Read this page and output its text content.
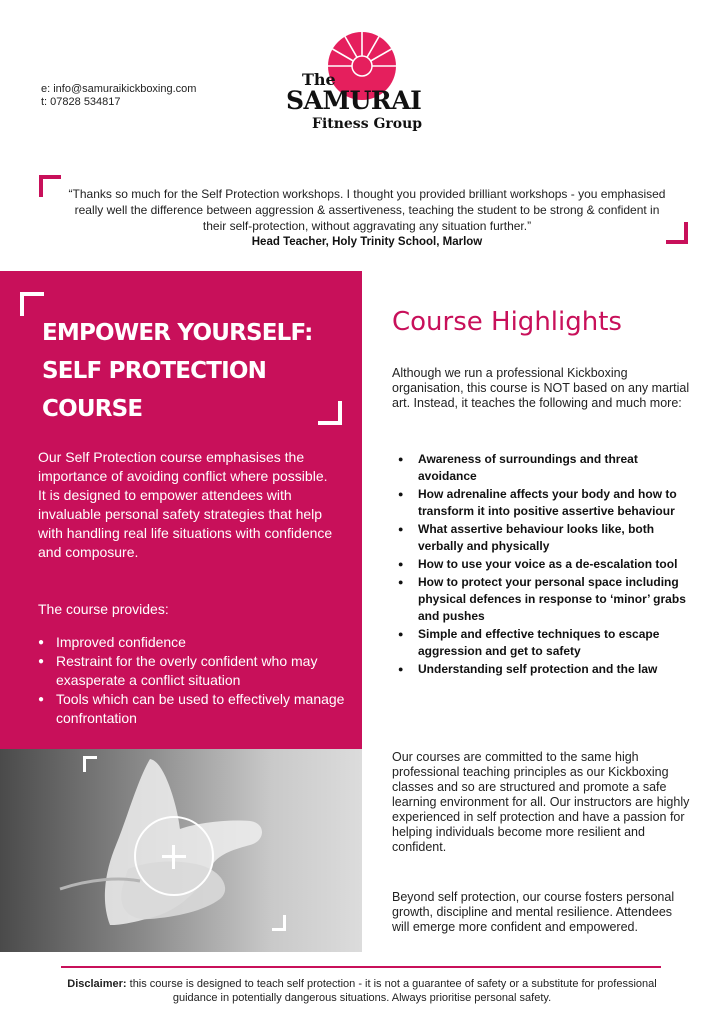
e: info@samuraikickboxing.com
t: 07828 534817
The
SAMURAI
Fitness Group
“Thanks so much for the Self Protection workshops. I thought you provided brilliant workshops - you emphasised really well the difference between aggression & assertiveness, teaching the student to be strong & confident in their self-protection, without aggravating any situation further.”
Head Teacher, Holy Trinity School, Marlow
EMPOWER YOURSELF: SELF PROTECTION COURSE
Our Self Protection course emphasises the importance of avoiding conflict where possible. It is designed to empower attendees with invaluable personal safety strategies that help with handling real life situations with confidence and composure.
The course provides:
● Improved confidence
● Restraint for the overly confident who may exasperate a conflict situation
● Tools which can be used to effectively manage confrontation
Course Highlights
Although we run a professional Kickboxing organisation, this course is NOT based on any martial art. Instead, it teaches the following and much more:
● Awareness of surroundings and threat avoidance
● How adrenaline affects your body and how to transform it into positive assertive behaviour
● What assertive behaviour looks like, both verbally and physically
● How to use your voice as a de-escalation tool
● How to protect your personal space including physical defences in response to ‘minor’ grabs and pushes
● Simple and effective techniques to escape aggression and get to safety
● Understanding self protection and the law
Our courses are committed to the same high professional teaching principles as our Kickboxing classes and so are structured and promote a safe learning environment for all. Our instructors are highly experienced in self protection and have a passion for helping individuals become more resilient and confident.
Beyond self protection, our course fosters personal growth, discipline and mental resilience. Attendees will emerge more confident and empowered.
Disclaimer: this course is designed to teach self protection - it is not a guarantee of safety or a substitute for professional guidance in potentially dangerous situations. Always prioritise personal safety.
